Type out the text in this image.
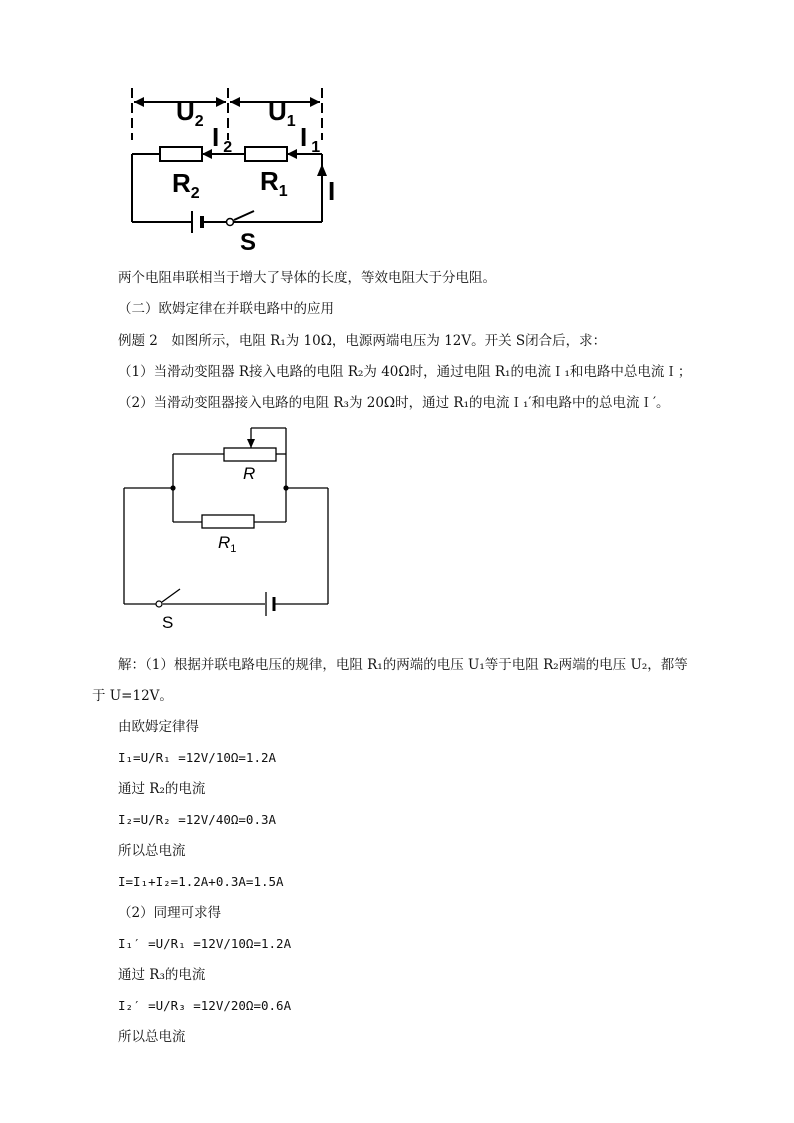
$U_2$ $U_1$
I $_2$	I $_1$
$R_2$ $R_1$ I
S
两个电阻串联相当于增大了导体的长度，等效电阻大于分电阻。
（二）欧姆定律在并联电路中的应用
例题 2　如图所示，电阻 R₁为 10Ω，电源两端电压为 12V。开关 S闭合后，求：
（1）当滑动变阻器 R接入电路的电阻 R₂为 40Ω时，通过电阻 R₁的电流Ｉ₁和电路中总电流Ｉ；
（2）当滑动变阻器接入电路的电阻 R₃为 20Ω时，通过 R₁的电流Ｉ₁′和电路中的总电流Ｉ′。
R
$R_1$
S
解：（1）根据并联电路电压的规律，电阻 R₁的两端的电压 U₁等于电阻 R₂两端的电压 U₂，都等
于 U=12V。
由欧姆定律得
I₁=U/R₁ =12V/10Ω=1.2A
通过 R₂的电流
I₂=U/R₂ =12V/40Ω=0.3A
所以总电流
I=I₁+I₂=1.2A+0.3A=1.5A
（2）同理可求得
I₁′ =U/R₁ =12V/10Ω=1.2A
通过 R₃的电流
I₂′ =U/R₃ =12V/20Ω=0.6A
所以总电流
